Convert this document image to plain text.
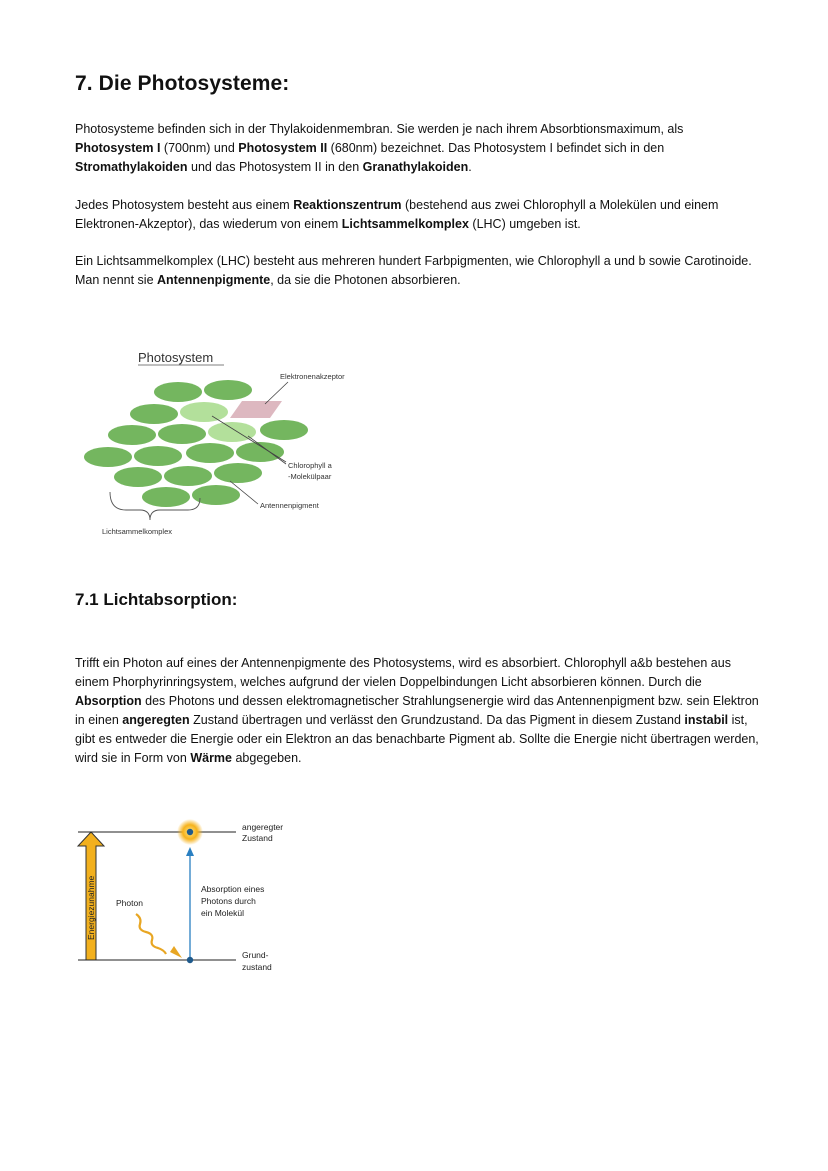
7. Die Photosysteme:

Photosysteme befinden sich in der Thylakoidenmembran. Sie werden je nach ihrem Absorbtionsmaximum, als Photosystem I (700nm) und Photosystem II (680nm) bezeichnet. Das Photosystem I befindet sich in den Stromathylakoiden und das Photosystem II in den Granathylakoiden.

Jedes Photosystem besteht aus einem Reaktionszentrum (bestehend aus zwei Chlorophyll a Molekülen und einem Elektronen-Akzeptor), das wiederum von einem Lichtsammelkomplex (LHC) umgeben ist.

Ein Lichtsammelkomplex (LHC) besteht aus mehreren hundert Farbpigmenten, wie Chlorophyll a und b sowie Carotinoide. Man nennt sie Antennenpigmente, da sie die Photonen absorbieren.

Photosystem
Elektronenakzeptor
Chlorophyll a
-Molekülpaar
Antennenpigment
Lichtsammelkomplex
7.1 Lichtabsorption:

Trifft ein Photon auf eines der Antennenpigmente des Photosystems, wird es absorbiert. Chlorophyll a&b bestehen aus einem Phorphyrinringsystem, welches aufgrund der vielen Doppelbindungen Licht absorbieren können. Durch die Absorption des Photons und dessen elektromagnetischer Strahlungsenergie wird das Antennenpigment bzw. sein Elektron in einen angeregten Zustand übertragen und verlässt den Grundzustand. Da das Pigment in diesem Zustand instabil ist, gibt es entweder die Energie oder ein Elektron an das benachbarte Pigment ab. Sollte die Energie nicht übertragen werden, wird sie in Form von Wärme abgegeben.

Energiezunahme Photon
angeregter
Zustand
Absorption eines
Photons durch
ein Molekül
Grund-
zustand
